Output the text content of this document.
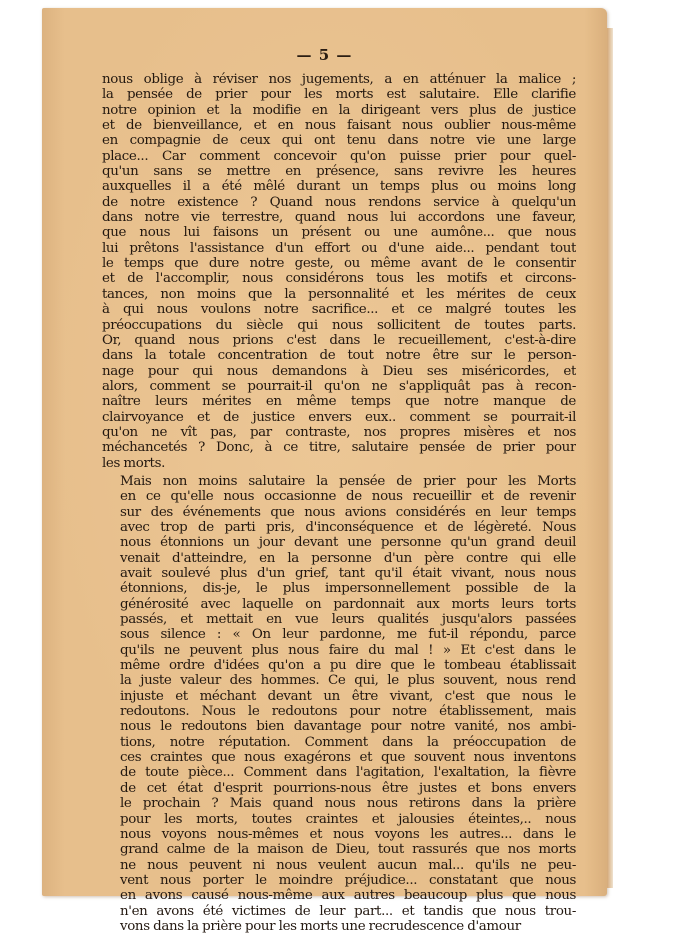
— 5 —
nous oblige à réviser nos jugements, a en atténuer la malice ;
la pensée de prier pour les morts est salutaire. Elle clarifie
notre opinion et la modifie en la dirigeant vers plus de justice
et de bienveillance, et en nous faisant nous oublier nous-même
en compagnie de ceux qui ont tenu dans notre vie une large
place... Car comment concevoir qu'on puisse prier pour quel-
qu'un sans se mettre en présence, sans revivre les heures
auxquelles il a été mêlé durant un temps plus ou moins long
de notre existence ? Quand nous rendons service à quelqu'un
dans notre vie terrestre, quand nous lui accordons une faveur,
que nous lui faisons un présent ou une aumône... que nous
lui prêtons l'assistance d'un effort ou d'une aide... pendant tout
le temps que dure notre geste, ou même avant de le consentir
et de l'accomplir, nous considérons tous les motifs et circons-
tances, non moins que la personnalité et les mérites de ceux
à qui nous voulons notre sacrifice... et ce malgré toutes les
préoccupations du siècle qui nous sollicitent de toutes parts.
Or, quand nous prions c'est dans le recueillement, c'est-à-dire
dans la totale concentration de tout notre être sur le person-
nage pour qui nous demandons à Dieu ses miséricordes, et
alors, comment se pourrait-il qu'on ne s'appliquât pas à recon-
naître leurs mérites en même temps que notre manque de
clairvoyance et de justice envers eux.. comment se pourrait-il
qu'on ne vît pas, par contraste, nos propres misères et nos
méchancetés ? Donc, à ce titre, salutaire pensée de prier pour
les morts.
Mais non moins salutaire la pensée de prier pour les Morts
en ce qu'elle nous occasionne de nous recueillir et de revenir
sur des événements que nous avions considérés en leur temps
avec trop de parti pris, d'inconséquence et de légèreté. Nous
nous étonnions un jour devant une personne qu'un grand deuil
venait d'atteindre, en la personne d'un père contre qui elle
avait soulevé plus d'un grief, tant qu'il était vivant, nous nous
étonnions, dis-je, le plus impersonnellement possible de la
générosité avec laquelle on pardonnait aux morts leurs torts
passés, et mettait en vue leurs qualités jusqu'alors passées
sous silence : « On leur pardonne, me fut-il répondu, parce
qu'ils ne peuvent plus nous faire du mal ! » Et c'est dans le
même ordre d'idées qu'on a pu dire que le tombeau établissait
la juste valeur des hommes. Ce qui, le plus souvent, nous rend
injuste et méchant devant un être vivant, c'est que nous le
redoutons. Nous le redoutons pour notre établissement, mais
nous le redoutons bien davantage pour notre vanité, nos ambi-
tions, notre réputation. Comment dans la préoccupation de
ces craintes que nous exagérons et que souvent nous inventons
de toute pièce... Comment dans l'agitation, l'exaltation, la fièvre
de cet état d'esprit pourrions-nous être justes et bons envers
le prochain ? Mais quand nous nous retirons dans la prière
pour les morts, toutes craintes et jalousies éteintes,.. nous
nous voyons nous-mêmes et nous voyons les autres... dans le
grand calme de la maison de Dieu, tout rassurés que nos morts
ne nous peuvent ni nous veulent aucun mal... qu'ils ne peu-
vent nous porter le moindre préjudice... constatant que nous
en avons causé nous-même aux autres beaucoup plus que nous
n'en avons été victimes de leur part... et tandis que nous trou-
vons dans la prière pour les morts une recrudescence d'amour
